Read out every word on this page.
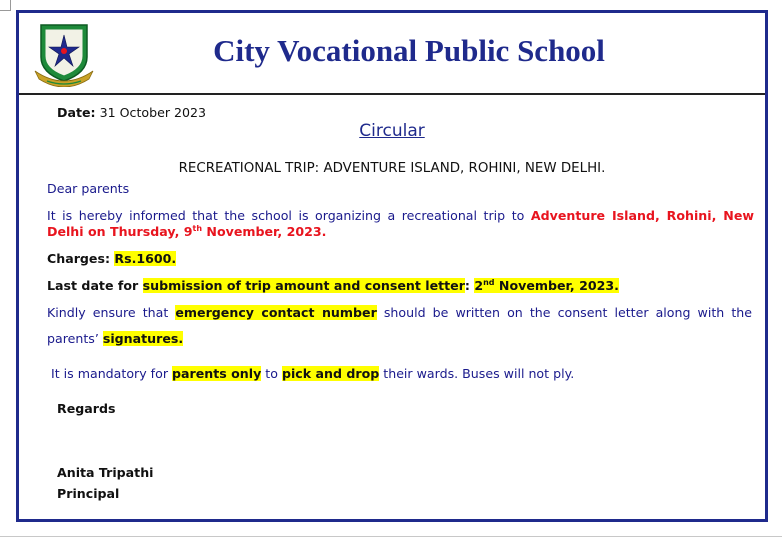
City Vocational Public School
Date: 31 October 2023
Circular
RECREATIONAL TRIP: ADVENTURE ISLAND, ROHINI, NEW DELHI.
Dear parents
It is hereby informed that the school is organizing a recreational trip to Adventure Island, Rohini, New
Delhi on Thursday, 9th November, 2023.
Charges: Rs.1600.
Last date for submission of trip amount and consent letter: 2nd November, 2023.
Kindly ensure that emergency contact number should be written on the consent letter along with the
parents’ signatures.
It is mandatory for parents only to pick and drop their wards. Buses will not ply.
Regards
Anita Tripathi
Principal
